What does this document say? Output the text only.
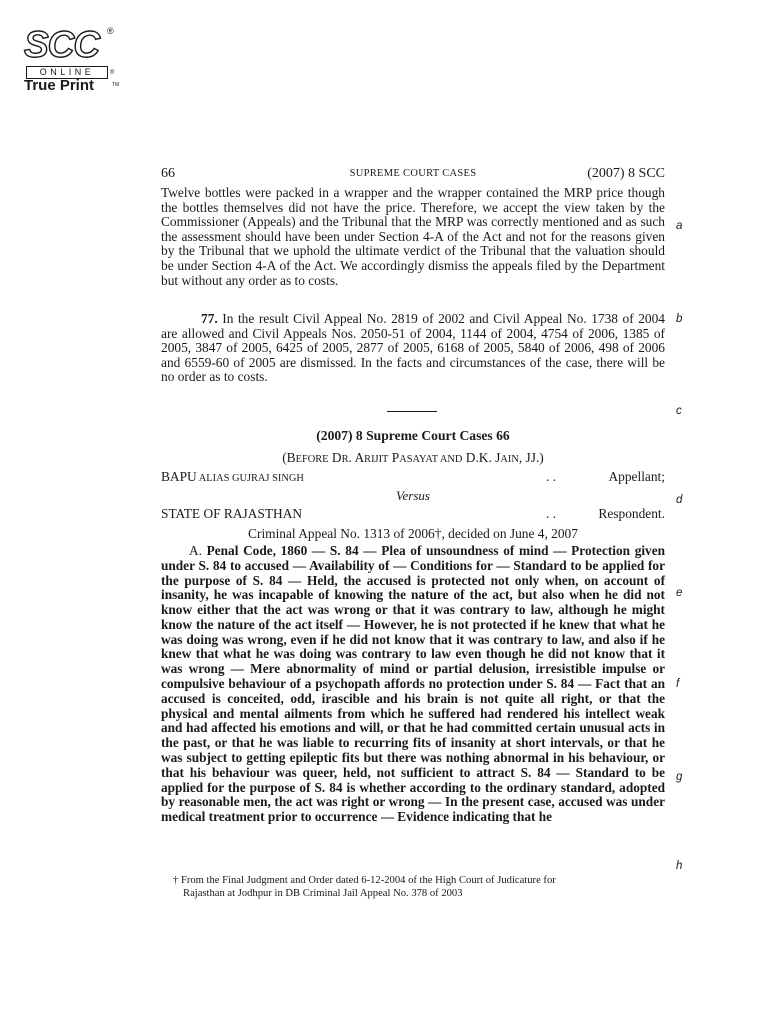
SCC ®
ONLINE	®
True Print	TM
66	SUPREME COURT CASES	(2007) 8 SCC

Twelve bottles were packed in a wrapper and the wrapper contained the MRP price though the bottles themselves did not have the price. Therefore, we accept the view taken by the Commissioner (Appeals) and the Tribunal that the MRP was correctly mentioned and as such the assessment should have been under Section 4-A of the Act and not for the reasons given by the Tribunal that we uphold the ultimate verdict of the Tribunal that the valuation should be under Section 4-A of the Act. We accordingly dismiss the appeals filed by the Department but without any order as to costs.

77. In the result Civil Appeal No. 2819 of 2002 and Civil Appeal No. 1738 of 2004 are allowed and Civil Appeals Nos. 2050-51 of 2004, 1144 of 2004, 4754 of 2006, 1385 of 2005, 3847 of 2005, 6425 of 2005, 2877 of 2005, 6168 of 2005, 5840 of 2006, 498 of 2006 and 6559-60 of 2005 are dismissed. In the facts and circumstances of the case, there will be no order as to costs.

(2007) 8 Supreme Court Cases 66
(BEFORE DR. ARIJIT PASAYAT AND D.K. JAIN, JJ.)
BAPU ALIAS GUJRAJ SINGH	. .	Appellant;
Versus
STATE OF RAJASTHAN	. .	Respondent.
Criminal Appeal No. 1313 of 2006†, decided on June 4, 2007

A. Penal Code, 1860 — S. 84 — Plea of unsoundness of mind — Protection given under S. 84 to accused — Availability of — Conditions for — Standard to be applied for the purpose of S. 84 — Held, the accused is protected not only when, on account of insanity, he was incapable of knowing the nature of the act, but also when he did not know either that the act was wrong or that it was contrary to law, although he might know the nature of the act itself — However, he is not protected if he knew that what he was doing was wrong, even if he did not know that it was contrary to law, and also if he knew that what he was doing was contrary to law even though he did not know that it was wrong — Mere abnormality of mind or partial delusion, irresistible impulse or compulsive behaviour of a psychopath affords no protection under S. 84 — Fact that an accused is conceited, odd, irascible and his brain is not quite all right, or that the physical and mental ailments from which he suffered had rendered his intellect weak and had affected his emotions and will, or that he had committed certain unusual acts in the past, or that he was liable to recurring fits of insanity at short intervals, or that he was subject to getting epileptic fits but there was nothing abnormal in his behaviour, or that his behaviour was queer, held, not sufficient to attract S. 84 — Standard to be applied for the purpose of S. 84 is whether according to the ordinary standard, adopted by reasonable men, the act was right or wrong — In the present case, accused was under medical treatment prior to occurrence — Evidence indicating that he

† From the Final Judgment and Order dated 6-12-2004 of the High Court of Judicature for
Rajasthan at Jodhpur in DB Criminal Jail Appeal No. 378 of 2003
a
b
c
d
e
f
g
h
